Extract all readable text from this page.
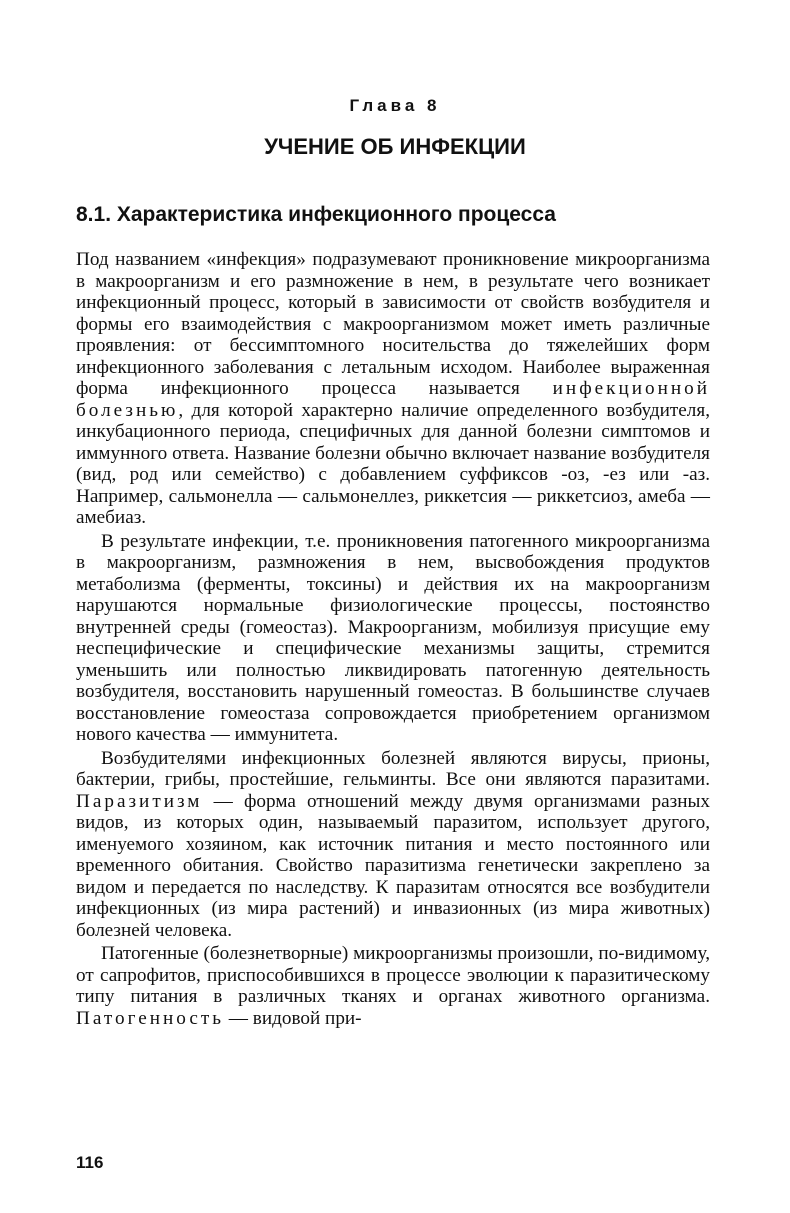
Глава 8
УЧЕНИЕ ОБ ИНФЕКЦИИ
8.1. Характеристика инфекционного процесса

Под названием «инфекция» подразумевают проникновение микроорганизма в макроорганизм и его размножение в нем, в результате чего возникает инфекционный процесс, который в зависимости от свойств возбудителя и формы его взаимодействия с макроорганизмом может иметь различные проявления: от бессимптомного носительства до тяжелейших форм инфекционного заболевания с летальным исходом. Наиболее выраженная форма инфекционного процесса называется инфекционной болезнью, для которой характерно наличие определенного возбудителя, инкубационного периода, специфичных для данной болезни симптомов и иммунного ответа. Название болезни обычно включает название возбудителя (вид, род или семейство) с добавлением суффиксов -оз, -ез или -аз. Например, сальмонелла — сальмонеллез, риккетсия — риккетсиоз, амеба — амебиаз.

В результате инфекции, т.е. проникновения патогенного микроорганизма в макроорганизм, размножения в нем, высвобождения продуктов метаболизма (ферменты, токсины) и действия их на макроорганизм нарушаются нормальные физиологические процессы, постоянство внутренней среды (гомеостаз). Макроорганизм, мобилизуя присущие ему неспецифические и специфические механизмы защиты, стремится уменьшить или полностью ликвидировать патогенную деятельность возбудителя, восстановить нарушенный гомеостаз. В большинстве случаев восстановление гомеостаза сопровождается приобретением организмом нового качества — иммунитета.

Возбудителями инфекционных болезней являются вирусы, прионы, бактерии, грибы, простейшие, гельминты. Все они являются паразитами. Паразитизм — форма отношений между двумя организмами разных видов, из которых один, называемый паразитом, использует другого, именуемого хозяином, как источник питания и место постоянного или временного обитания. Свойство паразитизма генетически закреплено за видом и передается по наследству. К паразитам относятся все возбудители инфекционных (из мира растений) и инвазионных (из мира животных) болезней человека.

Патогенные (болезнетворные) микроорганизмы произошли, по-видимому, от сапрофитов, приспособившихся в процессе эволюции к паразитическому типу питания в различных тканях и органах животного организма. Патогенность — видовой при-

116
